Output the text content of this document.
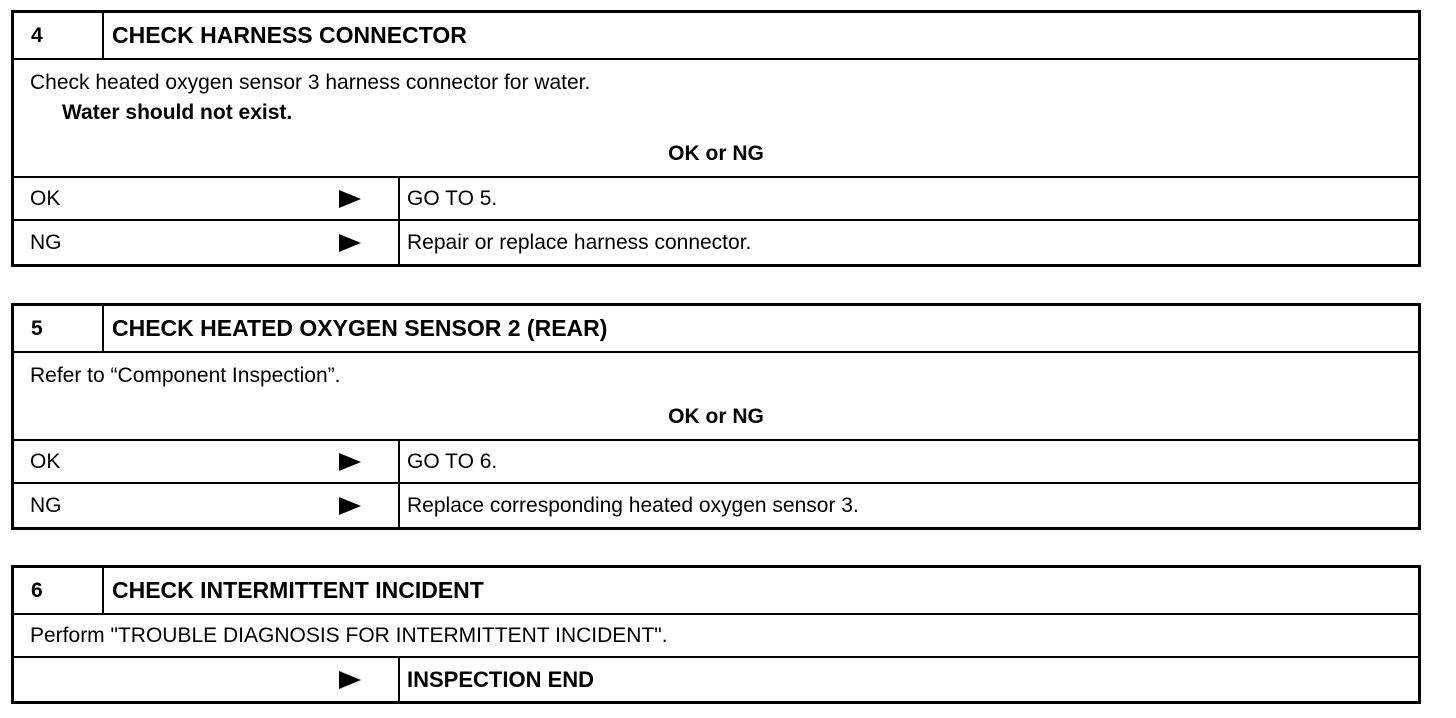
4	CHECK HARNESS CONNECTOR
Check heated oxygen sensor 3 harness connector for water.
Water should not exist.
OK or NG
OK	GO TO 5.
NG	Repair or replace harness connector.
5	CHECK HEATED OXYGEN SENSOR 2 (REAR)
Refer to “Component Inspection”.
OK or NG
OK	GO TO 6.
NG	Replace corresponding heated oxygen sensor 3.
6	CHECK INTERMITTENT INCIDENT
Perform "TROUBLE DIAGNOSIS FOR INTERMITTENT INCIDENT".
INSPECTION END
